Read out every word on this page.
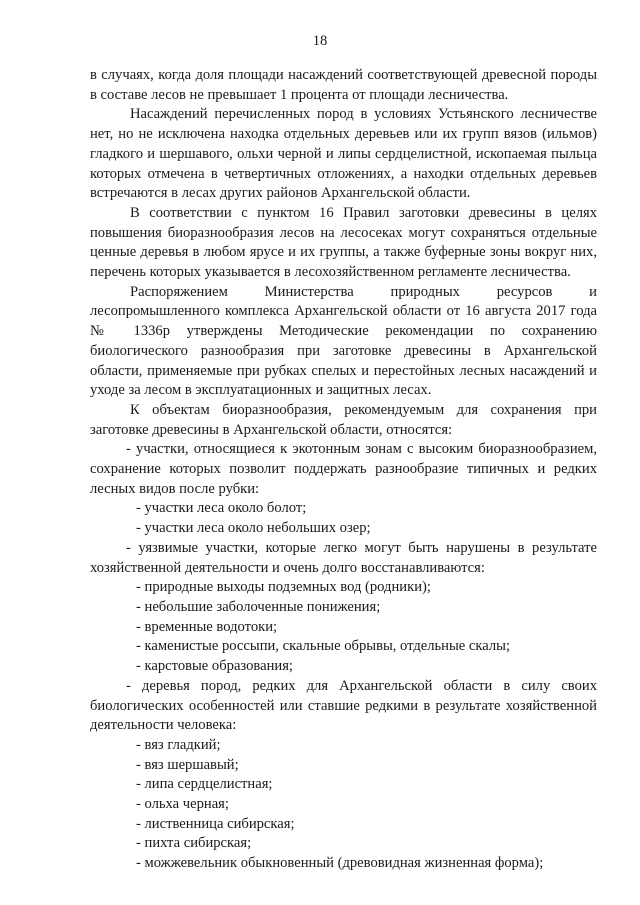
18

в случаях, когда доля площади насаждений соответствующей древесной породы в составе лесов не превышает 1 процента от площади лесничества.

Насаждений перечисленных пород в условиях Устьянского лесничестве нет, но не исключена находка отдельных деревьев или их групп вязов (ильмов) гладкого и шершавого, ольхи черной и липы сердцелистной, ископаемая пыльца которых отмечена в четвертичных отложениях, а находки отдельных деревьев встречаются в лесах других районов Архангельской области.

В соответствии с пунктом 16 Правил заготовки древесины в целях повышения биоразнообразия лесов на лесосеках могут сохраняться отдельные ценные деревья в любом ярусе и их группы, а также буферные зоны вокруг них, перечень которых указывается в лесохозяйственном регламенте лесничества.

Распоряжением Министерства природных ресурсов и лесопромышленного комплекса Архангельской области от 16 августа 2017 года № 1336р утверждены Методические рекомендации по сохранению биологического разнообразия при заготовке древесины в Архангельской области, применяемые при рубках спелых и перестойных лесных насаждений и уходе за лесом в эксплуатационных и защитных лесах.

К объектам биоразнообразия, рекомендуемым для сохранения при заготовке древесины в Архангельской области, относятся:

- участки, относящиеся к экотонным зонам с высоким биоразнообразием, сохранение которых позволит поддержать разнообразие типичных и редких лесных видов после рубки:

- участки леса около болот;
- участки леса около небольших озер;

- уязвимые участки, которые легко могут быть нарушены в результате хозяйственной деятельности и очень долго восстанавливаются:

- природные выходы подземных вод (родники);
- небольшие заболоченные понижения;
- временные водотоки;
- каменистые россыпи, скальные обрывы, отдельные скалы;
- карстовые образования;

- деревья пород, редких для Архангельской области в силу своих биологических особенностей или ставшие редкими в результате хозяйственной деятельности человека:

- вяз гладкий;
- вяз шершавый;
- липа сердцелистная;
- ольха черная;
- лиственница сибирская;
- пихта сибирская;
- можжевельник обыкновенный (древовидная жизненная форма);
